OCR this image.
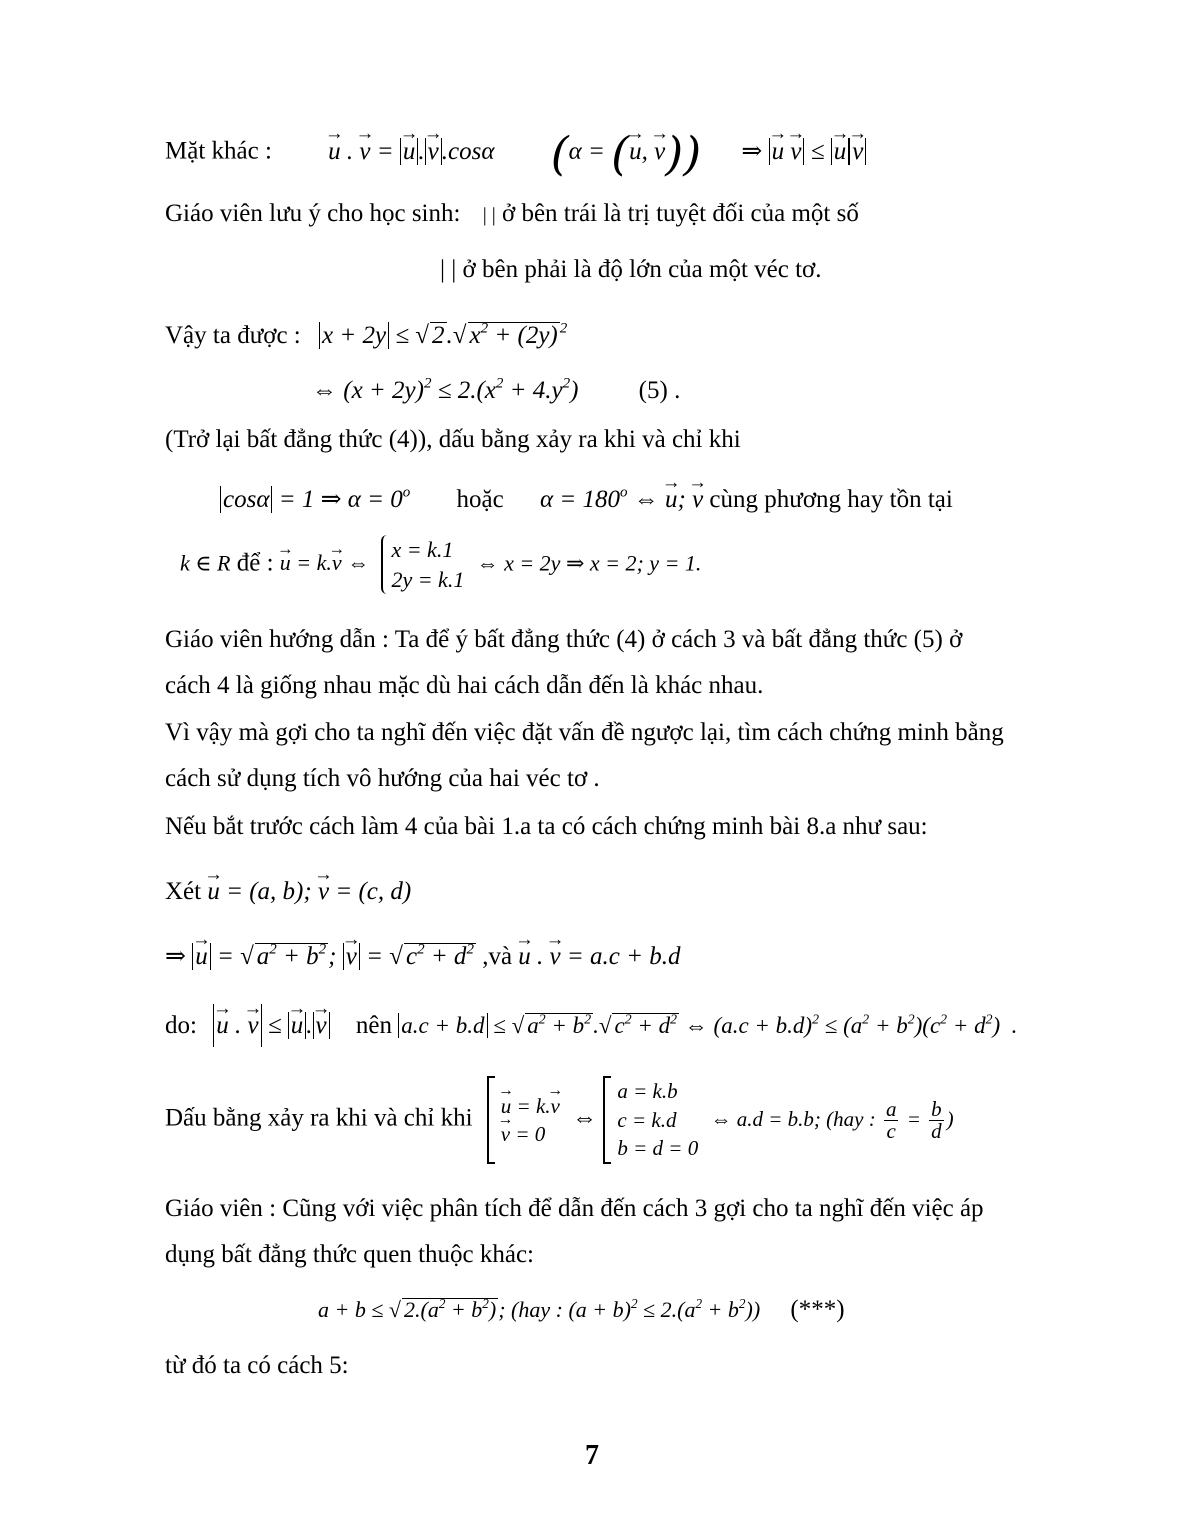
Mặt khác : → u . → v = → u . → v .cosα (α = (→ u, → v)) ⇒ → u → v ≤ → u → v
Giáo viên lưu ý cho học sinh: | | ở bên trái là trị tuyệt đối của một số
| | ở bên phải là độ lớn của một véc tơ.
Vậy ta được : x + 2y ≤ √ 2.√ $x^2 + (2y)$ $^2$
⇔ $(x + 2y)^2 \le 2.(x^2 + 4.y^2)$ (5) .
(Trở lại bất đẳng thức (4)), dấu bằng xảy ra khi và chỉ khi
cosα = 1 ⇒ $\alpha = 0^o$ hoặc $\alpha = 180^o$ ⇔ → u; → v cùng phương hay tồn tại
k ∈ R để : → u = k.→ v ⇔
x = k.1
2y = k.1
⇔ x = 2y ⇒ x = 2; y = 1.
Giáo viên hướng dẫn : Ta để ý bất đẳng thức (4) ở cách 3 và bất đẳng thức (5) ở
cách 4 là giống nhau mặc dù hai cách dẫn đến là khác nhau.
Vì vậy mà gợi cho ta nghĩ đến việc đặt vấn đề ngược lại, tìm cách chứng minh bằng
cách sử dụng tích vô hướng của hai véc tơ .
Nếu bắt trước cách làm 4 của bài 1.a ta có cách chứng minh bài 8.a như sau:
Xét → u = (a, b); → v = (c, d)
⇒ → u = √ $a^2 + b^2$; → v = √ $c^2 + d^2$ ,và → u . → v = a.c + b.d
do: → u . → v ≤ → u . → v nên a.c + b.d ≤ √ $a^2 + b^2.√$ $c^2 + d^2$ ⇔ $(a.c + b.d)^2 \le (a^2 + b^2)(c^2 + d^2)$  .
Dấu bằng xảy ra khi và chỉ khi → u = k.→ v
→ v = 0
⇔
a = k.b
c = k.d
b = d = 0
⇔ a.d = b.b; (hay : $\frac{a}{c} = \frac{b}{d}$ )
Giáo viên : Cũng với việc phân tích để dẫn đến cách 3 gợi cho ta nghĩ đến việc áp
dụng bất đẳng thức quen thuộc khác:
a + b ≤ √ $2.(a^2 + b^2)$; (hay : $(a + b)^2 \le 2.(a^2 + b^2)$) (***)
từ đó ta có cách 5:
7
